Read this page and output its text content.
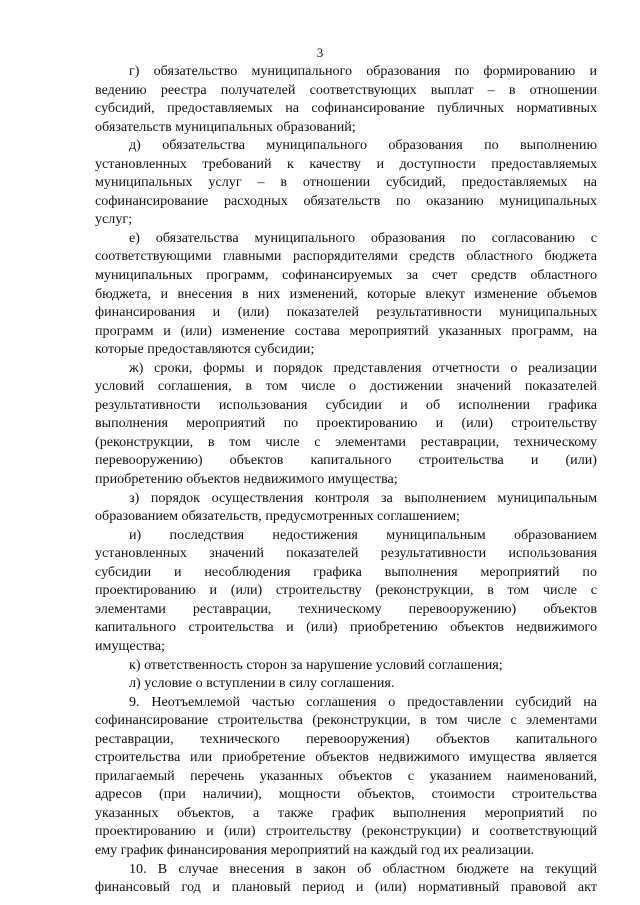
3
г) обязательство муниципального образования по формированию и
ведению реестра получателей соответствующих выплат – в отношении
субсидий, предоставляемых на софинансирование публичных нормативных
обязательств муниципальных образований;
д) обязательства муниципального образования по выполнению
установленных требований к качеству и доступности предоставляемых
муниципальных услуг – в отношении субсидий, предоставляемых на
софинансирование расходных обязательств по оказанию муниципальных
услуг;
е) обязательства муниципального образования по согласованию с
соответствующими главными распорядителями средств областного бюджета
муниципальных программ, софинансируемых за счет средств областного
бюджета, и внесения в них изменений, которые влекут изменение объемов
финансирования и (или) показателей результативности муниципальных
программ и (или) изменение состава мероприятий указанных программ, на
которые предоставляются субсидии;
ж) сроки, формы и порядок представления отчетности о реализации
условий соглашения, в том числе о достижении значений показателей
результативности использования субсидии и об исполнении графика
выполнения мероприятий по проектированию и (или) строительству
(реконструкции, в том числе с элементами реставрации, техническому
перевооружению) объектов капитального строительства и (или)
приобретению объектов недвижимого имущества;
з) порядок осуществления контроля за выполнением муниципальным
образованием обязательств, предусмотренных соглашением;
и) последствия недостижения муниципальным образованием
установленных значений показателей результативности использования
субсидии и несоблюдения графика выполнения мероприятий по
проектированию и (или) строительству (реконструкции, в том числе с
элементами реставрации, техническому перевооружению) объектов
капитального строительства и (или) приобретению объектов недвижимого
имущества;
к) ответственность сторон за нарушение условий соглашения;
л) условие о вступлении в силу соглашения.
9. Неотъемлемой частью соглашения о предоставлении субсидий на
софинансирование строительства (реконструкции, в том числе с элементами
реставрации, технического перевооружения) объектов капитального
строительства или приобретение объектов недвижимого имущества является
прилагаемый перечень указанных объектов с указанием наименований,
адресов (при наличии), мощности объектов, стоимости строительства
указанных объектов, а также график выполнения мероприятий по
проектированию и (или) строительству (реконструкции) и соответствующий
ему график финансирования мероприятий на каждый год их реализации.
10. В случае внесения в закон об областном бюджете на текущий
финансовый год и плановый период и (или) нормативный правовой акт
